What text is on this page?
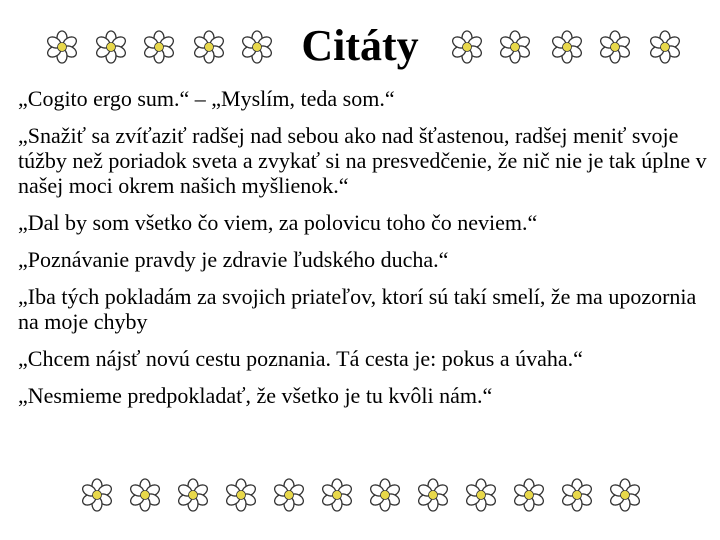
Citáty

„Cogito ergo sum.“ – „Myslím, teda som.“

„Snažiť sa zvíťaziť radšej nad sebou ako nad šťastenou, radšej meniť svoje túžby než poriadok sveta a zvykať si na presvedčenie, že nič nie je tak úplne v našej moci okrem našich myšlienok.“

„Dal by som všetko čo viem, za polovicu toho čo neviem.“

„Poznávanie pravdy je zdravie ľudského ducha.“

„Iba tých pokladám za svojich priateľov, ktorí sú takí smelí, že ma upozornia na moje chyby

„Chcem nájsť novú cestu poznania. Tá cesta je: pokus a úvaha.“

„Nesmieme predpokladať, že všetko je tu kvôli nám.“
